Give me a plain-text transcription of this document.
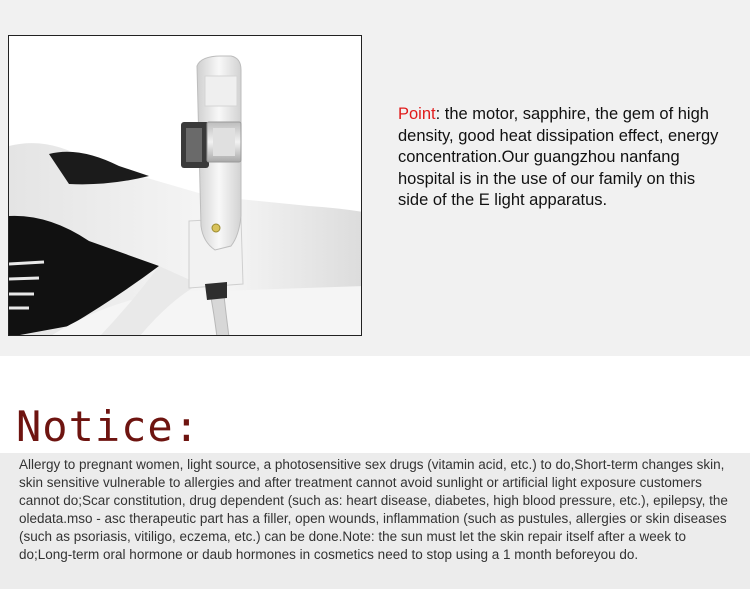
Point: the motor, sapphire, the gem of high density, good heat dissipation effect, energy concentration.Our guangzhou nanfang hospital is in the use of our family on this side of the E light apparatus.
Notice:

Allergy to pregnant women, light source, a photosensitive sex drugs (vitamin acid, etc.) to do,Short-term changes skin, skin sensitive vulnerable to allergies and after treatment cannot avoid sunlight or artificial light exposure customers cannot do;Scar constitution, drug dependent (such as: heart disease, diabetes, high blood pressure, etc.), epilepsy, the oledata.mso - asc therapeutic part has a filler, open wounds, inflammation (such as pustules, allergies or skin diseases (such as psoriasis, vitiligo, eczema, etc.) can be done.Note: the sun must let the skin repair itself after a week to do;Long-term oral hormone or daub hormones in cosmetics need to stop using a 1 month beforeyou do.
